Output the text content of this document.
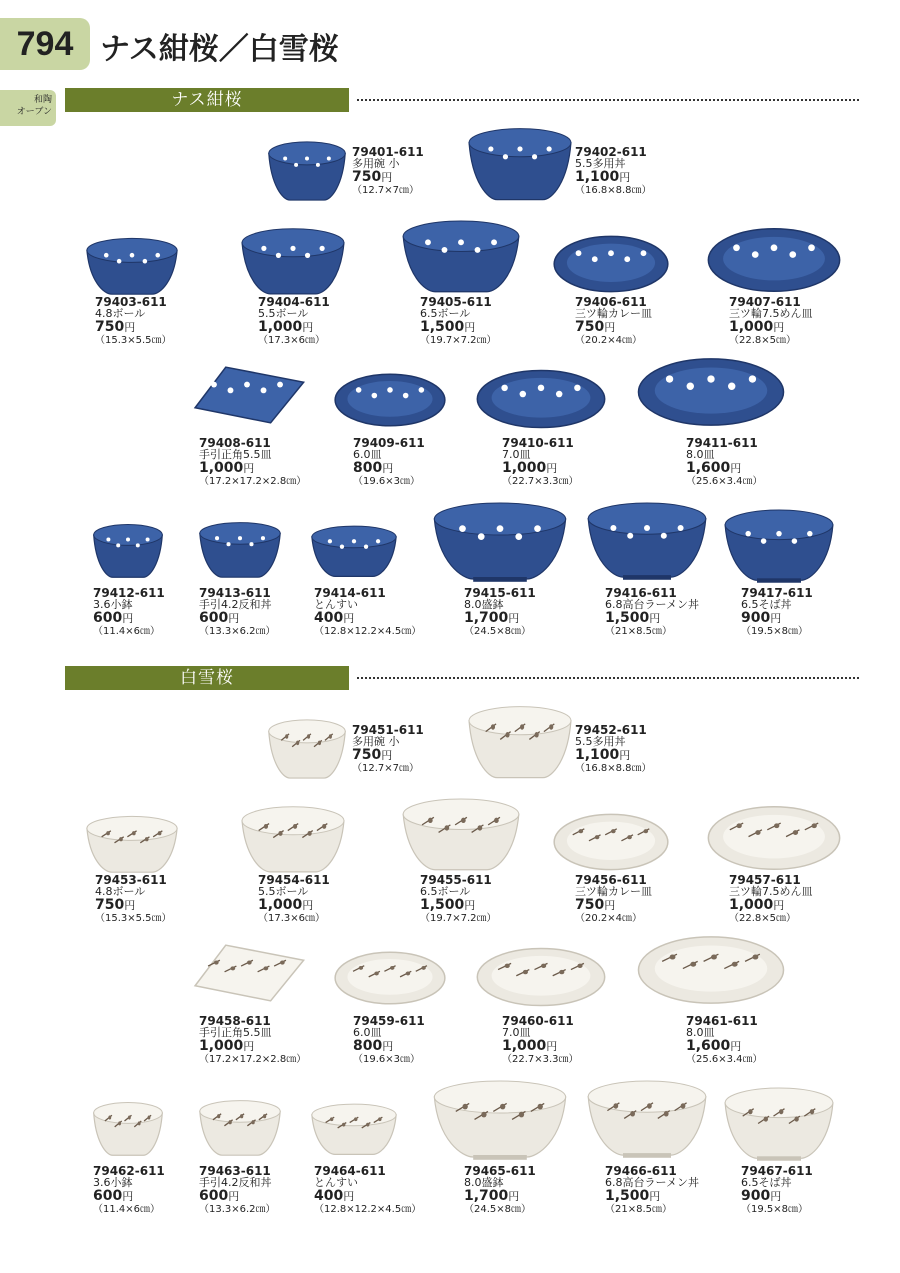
794 ナス紺桜／白雪桜
和陶
オーブン
ナス紺桜
白雪桜
79401-611
多用碗 小
750円
（12.7×7㎝）
79402-611
5.5多用丼
1,100円
（16.8×8.8㎝）
79403-611
4.8ボール
750円
（15.3×5.5㎝）
79404-611
5.5ボール
1,000円
（17.3×6㎝）
79405-611
6.5ボール
1,500円
（19.7×7.2㎝）
79406-611
三ツ輪カレー皿
750円
（20.2×4㎝）
79407-611
三ツ輪7.5めん皿
1,000円
（22.8×5㎝）
79408-611
手引正角5.5皿
1,000円
（17.2×17.2×2.8㎝）
79409-611
6.0皿
800円
（19.6×3㎝）
79410-611
7.0皿
1,000円
（22.7×3.3㎝）
79411-611
8.0皿
1,600円
（25.6×3.4㎝）
79412-611
3.6小鉢
600円
（11.4×6㎝）
79413-611
手引4.2反和丼
600円
（13.3×6.2㎝）
79414-611
とんすい
400円
（12.8×12.2×4.5㎝）
79415-611
8.0盛鉢
1,700円
（24.5×8㎝）
79416-611
6.8高台ラーメン丼
1,500円
（21×8.5㎝）
79417-611
6.5そば丼
900円
（19.5×8㎝）
79451-611
多用碗 小
750円
（12.7×7㎝）
79452-611
5.5多用丼
1,100円
（16.8×8.8㎝）
79453-611
4.8ボール
750円
（15.3×5.5㎝）
79454-611
5.5ボール
1,000円
（17.3×6㎝）
79455-611
6.5ボール
1,500円
（19.7×7.2㎝）
79456-611
三ツ輪カレー皿
750円
（20.2×4㎝）
79457-611
三ツ輪7.5めん皿
1,000円
（22.8×5㎝）
79458-611
手引正角5.5皿
1,000円
（17.2×17.2×2.8㎝）
79459-611
6.0皿
800円
（19.6×3㎝）
79460-611
7.0皿
1,000円
（22.7×3.3㎝）
79461-611
8.0皿
1,600円
（25.6×3.4㎝）
79462-611
3.6小鉢
600円
（11.4×6㎝）
79463-611
手引4.2反和丼
600円
（13.3×6.2㎝）
79464-611
とんすい
400円
（12.8×12.2×4.5㎝）
79465-611
8.0盛鉢
1,700円
（24.5×8㎝）
79466-611
6.8高台ラーメン丼
1,500円
（21×8.5㎝）
79467-611
6.5そば丼
900円
（19.5×8㎝）
